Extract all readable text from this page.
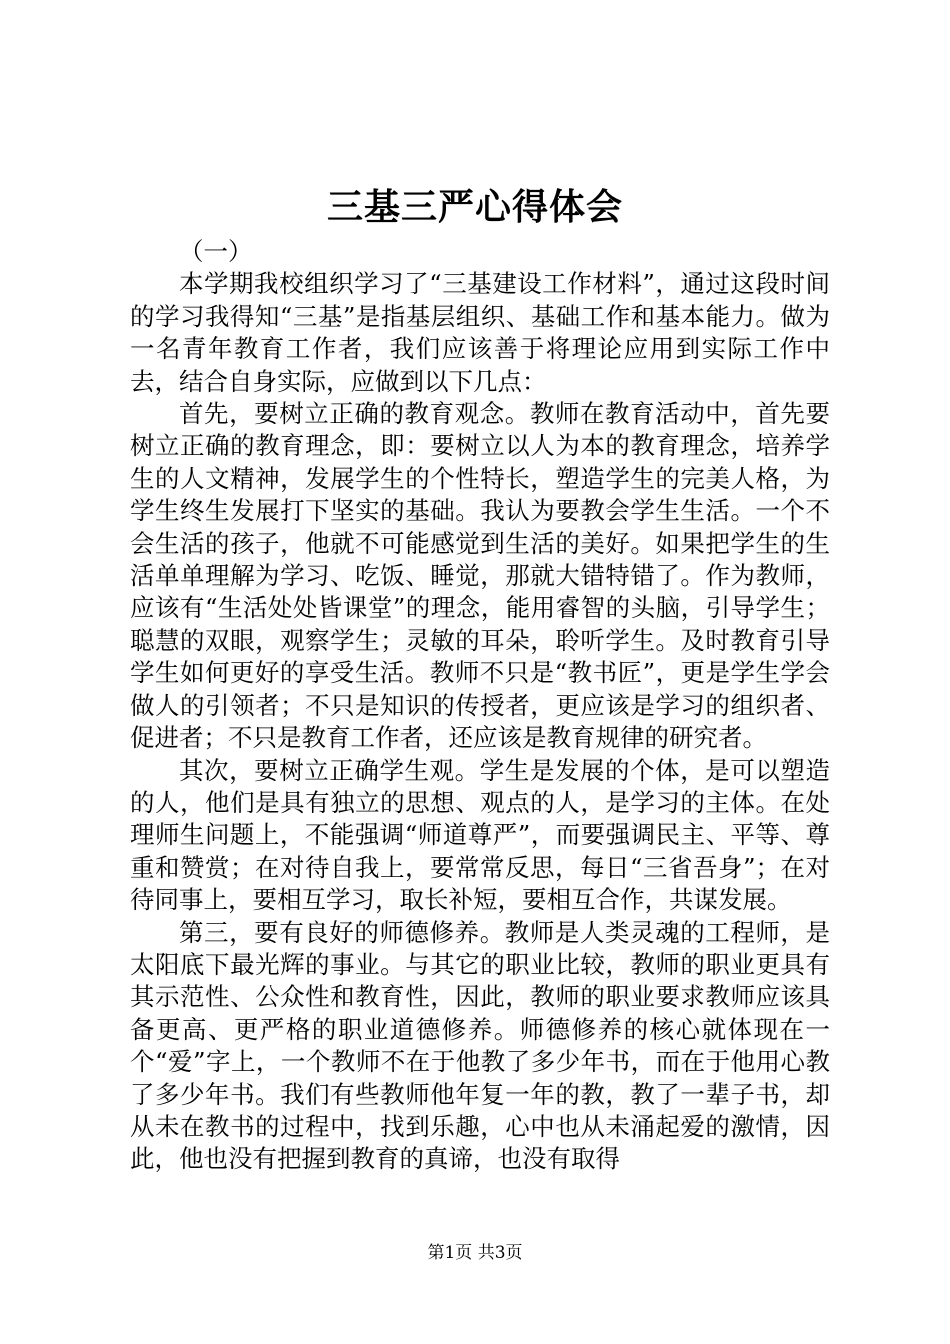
三基三严心得体会

（一）

本学期我校组织学习了“三基建设工作材料”，通过这段时间的学习我得知“三基”是指基层组织、基础工作和基本能力。做为一名青年教育工作者，我们应该善于将理论应用到实际工作中去，结合自身实际，应做到以下几点：

首先，要树立正确的教育观念。教师在教育活动中，首先要树立正确的教育理念，即：要树立以人为本的教育理念，培养学生的人文精神，发展学生的个性特长，塑造学生的完美人格，为学生终生发展打下坚实的基础。我认为要教会学生生活。一个不会生活的孩子，他就不可能感觉到生活的美好。如果把学生的生活单单理解为学习、吃饭、睡觉，那就大错特错了。作为教师，应该有“生活处处皆课堂”的理念，能用睿智的头脑，引导学生；聪慧的双眼，观察学生；灵敏的耳朵，聆听学生。及时教育引导学生如何更好的享受生活。教师不只是“教书匠”，更是学生学会做人的引领者；不只是知识的传授者，更应该是学习的组织者、促进者；不只是教育工作者，还应该是教育规律的研究者。

其次，要树立正确学生观。学生是发展的个体，是可以塑造的人，他们是具有独立的思想、观点的人，是学习的主体。在处理师生问题上，不能强调“师道尊严”，而要强调民主、平等、尊重和赞赏；在对待自我上，要常常反思，每日“三省吾身”；在对待同事上，要相互学习，取长补短，要相互合作，共谋发展。

第三，要有良好的师德修养。教师是人类灵魂的工程师，是太阳底下最光辉的事业。与其它的职业比较，教师的职业更具有其示范性、公众性和教育性，因此，教师的职业要求教师应该具备更高、更严格的职业道德修养。师德修养的核心就体现在一个“爱”字上，一个教师不在于他教了多少年书，而在于他用心教了多少年书。我们有些教师他年复一年的教，教了一辈子书，却从未在教书的过程中，找到乐趣，心中也从未涌起爱的激情，因此，他也没有把握到教育的真谛，也没有取得

第1页 共3页
